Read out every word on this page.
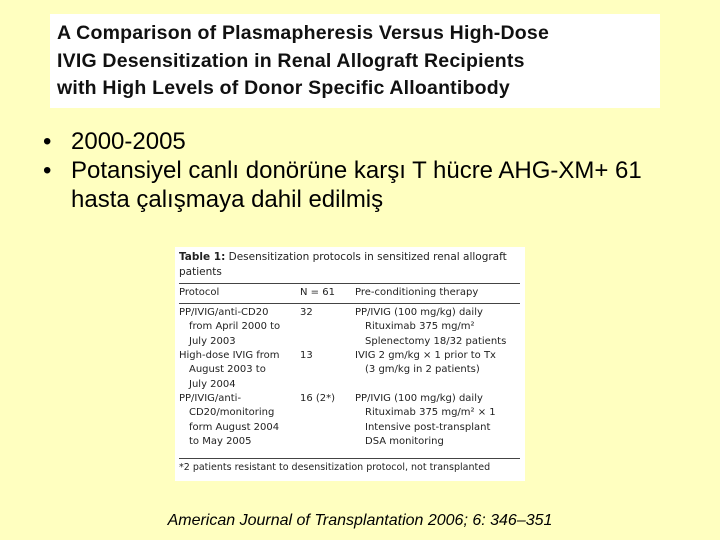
A Comparison of Plasmapheresis Versus High-Dose
IVIG Desensitization in Renal Allograft Recipients
with High Levels of Donor Specific Alloantibody
• 2000-2005
• Potansiyel canlı donörüne karşı T hücre AHG-XM+ 61 hasta çalışmaya dahil edilmiş
Table 1: Desensitization protocols in sensitized renal allograft patients
Protocol	N = 61 Pre-conditioning therapy
PP/IVIG/anti-CD20
from April 2000 to
July 2003
32	PP/IVIG (100 mg/kg) daily
Rituximab 375 mg/m²
Splenectomy 18/32 patients
High-dose IVIG from
August 2003 to
July 2004
13	IVIG 2 gm/kg × 1 prior to Tx
(3 gm/kg in 2 patients)
PP/IVIG/anti-
CD20/monitoring
form August 2004
to May 2005
16 (2*) PP/IVIG (100 mg/kg) daily
Rituximab 375 mg/m² × 1
Intensive post-transplant
DSA monitoring
*2 patients resistant to desensitization protocol, not transplanted
American Journal of Transplantation 2006; 6: 346–351
